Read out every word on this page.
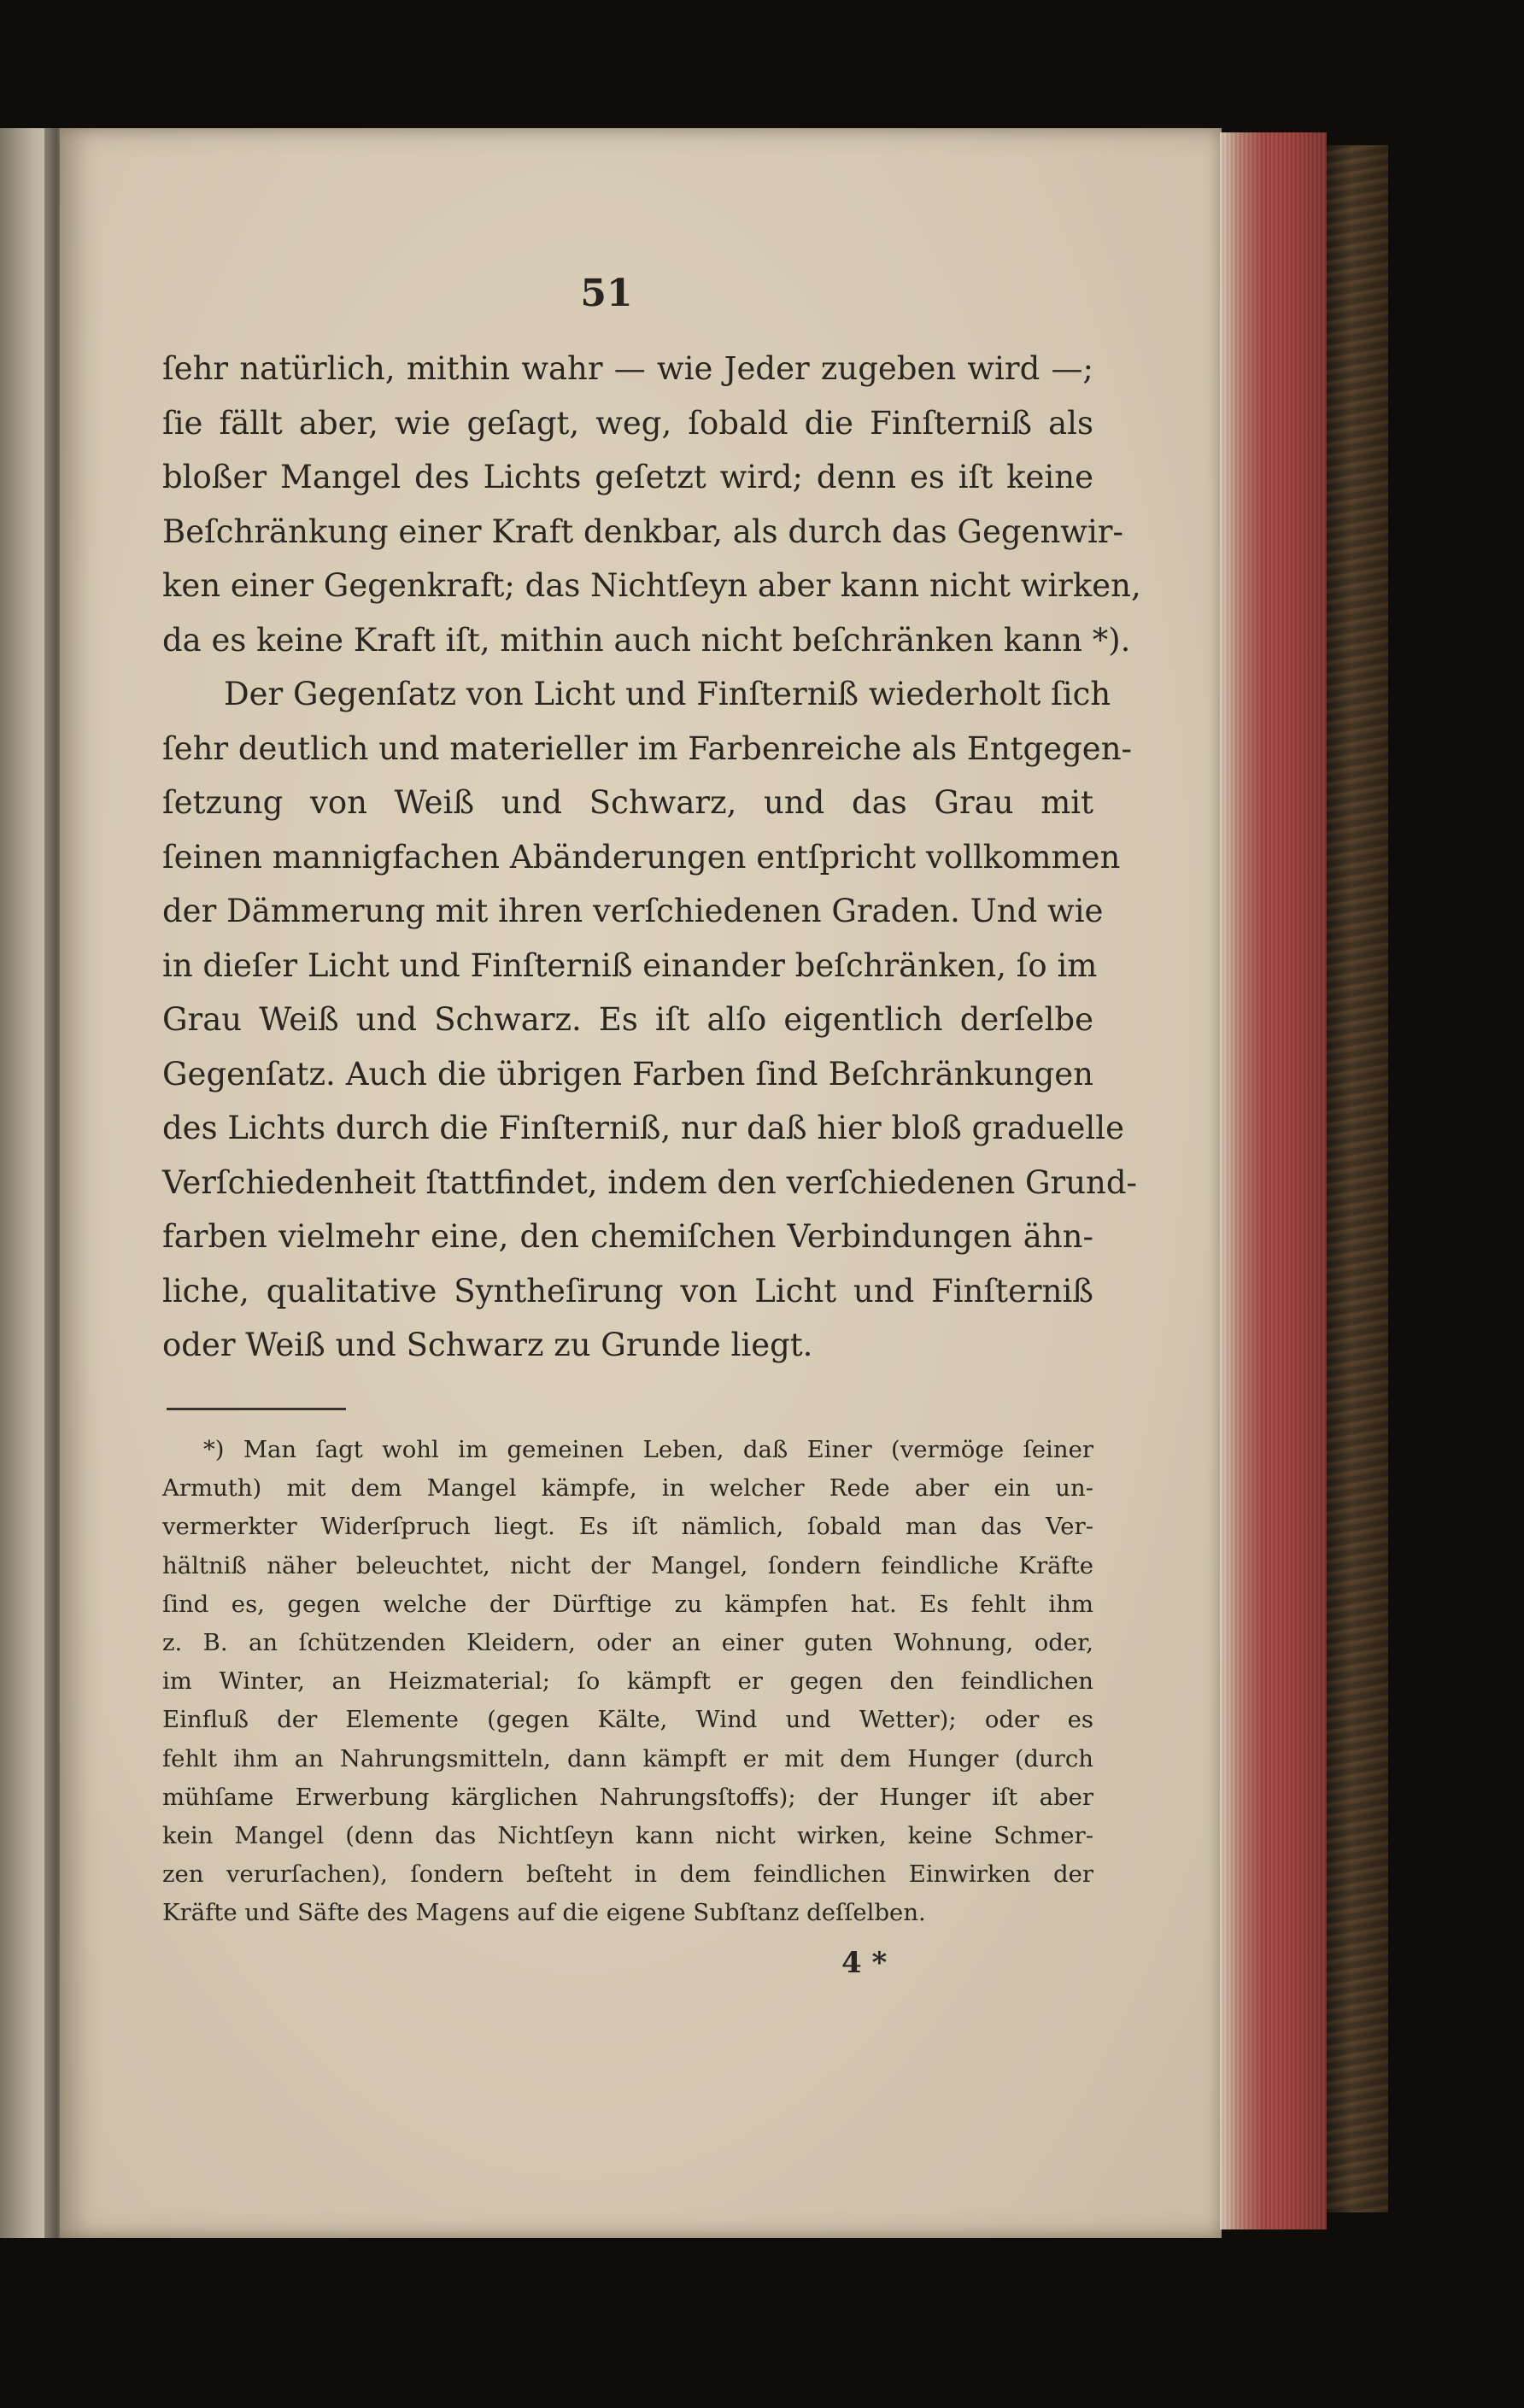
51
ſehr natürlich, mithin wahr — wie Jeder zugeben wird —;
ſie fällt aber, wie geſagt, weg, ſobald die Finſterniß als
bloßer Mangel des Lichts geſetzt wird; denn es iſt keine
Beſchränkung einer Kraft denkbar, als durch das Gegenwir-
ken einer Gegenkraft; das Nichtſeyn aber kann nicht wirken,
da es keine Kraft iſt, mithin auch nicht beſchränken kann *).
Der Gegenſatz von Licht und Finſterniß wiederholt ſich
ſehr deutlich und materieller im Farbenreiche als Entgegen-
ſetzung von Weiß und Schwarz, und das Grau mit
ſeinen mannigfachen Abänderungen entſpricht vollkommen
der Dämmerung mit ihren verſchiedenen Graden. Und wie
in dieſer Licht und Finſterniß einander beſchränken, ſo im
Grau Weiß und Schwarz. Es iſt alſo eigentlich derſelbe
Gegenſatz. Auch die übrigen Farben ſind Beſchränkungen
des Lichts durch die Finſterniß, nur daß hier bloß graduelle
Verſchiedenheit ſtattfindet, indem den verſchiedenen Grund-
farben vielmehr eine, den chemiſchen Verbindungen ähn-
liche, qualitative Syntheſirung von Licht und Finſterniß
oder Weiß und Schwarz zu Grunde liegt.
*) Man ſagt wohl im gemeinen Leben, daß Einer (vermöge ſeiner
Armuth) mit dem Mangel kämpfe, in welcher Rede aber ein un-
vermerkter Widerſpruch liegt. Es iſt nämlich, ſobald man das Ver-
hältniß näher beleuchtet, nicht der Mangel, ſondern feindliche Kräfte
ſind es, gegen welche der Dürftige zu kämpfen hat. Es fehlt ihm
z. B. an ſchützenden Kleidern, oder an einer guten Wohnung, oder,
im Winter, an Heizmaterial; ſo kämpft er gegen den feindlichen
Einfluß der Elemente (gegen Kälte, Wind und Wetter); oder es
fehlt ihm an Nahrungsmitteln, dann kämpft er mit dem Hunger (durch
mühſame Erwerbung kärglichen Nahrungsſtoffs); der Hunger iſt aber
kein Mangel (denn das Nichtſeyn kann nicht wirken, keine Schmer-
zen verurſachen), ſondern beſteht in dem feindlichen Einwirken der
Kräfte und Säfte des Magens auf die eigene Subſtanz deſſelben.
4 *
